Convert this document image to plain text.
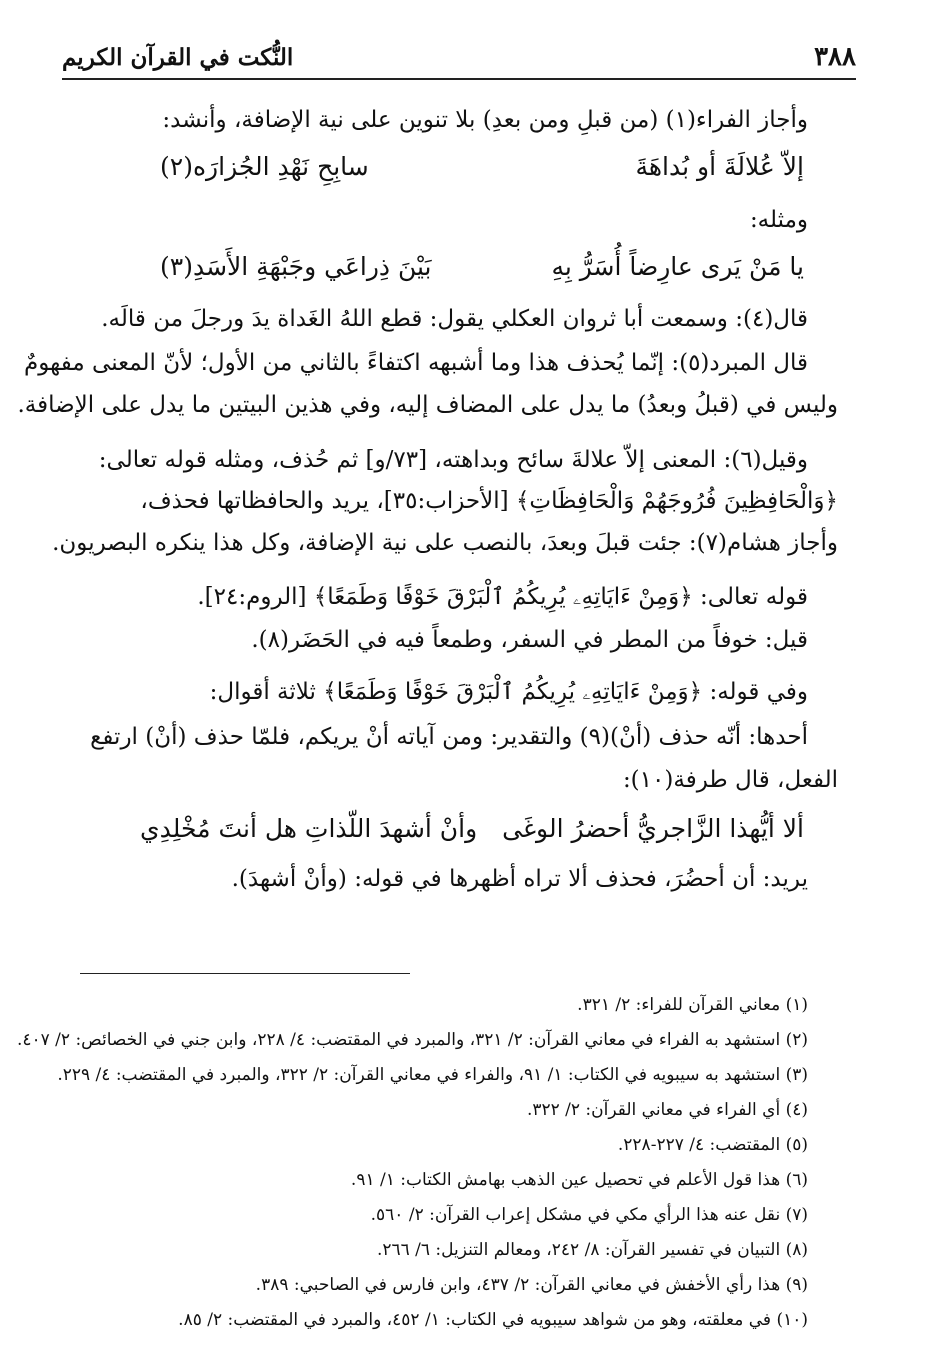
٣٨٨
النُّكت في القرآن الكريم
وأجاز الفراء(١) (من قبلِ ومن بعدِ) بلا تنوين على نية الإضافة، وأنشد:
إلاّ عُلالَةَ أو بُداهَةَ
سابِحِ نَهْدِ الجُزارَه(٢)
ومثله:
يا مَنْ يَرى عارِضاً أُسَرُّ بِهِ
بَيْنَ ذِراعَي وجَبْهَةِ الأَسَدِ(٣)
قال(٤): وسمعت أبا ثروان العكلي يقول: قطع اللهُ الغَداة يدَ ورجلَ من قالَه.
قال المبرد(٥): إنّما يُحذف هذا وما أشبهه اكتفاءً بالثاني من الأول؛ لأنّ المعنى مفهومٌ
وليس في (قبلُ وبعدُ) ما يدل على المضاف إليه، وفي هذين البيتين ما يدل على الإضافة.
وقيل(٦): المعنى إلاّ علالةَ سائح وبداهته، [٧٣/و] ثم حُذف، ومثله قوله تعالى:
﴿وَالْحَافِظِينَ فُرُوجَهُمْ وَالْحَافِظَاتِ﴾ [الأحزاب:٣٥]، يريد والحافظاتها فحذف،
وأجاز هشام(٧): جئت قبلَ وبعدَ، بالنصب على نية الإضافة، وكل هذا ينكره البصريون.
قوله تعالى: ﴿وَمِنْ ءَايَاتِهِۦ يُرِيكُمُ ٱلْبَرْقَ خَوْفًا وَطَمَعًا﴾ [الروم:٢٤].
قيل: خوفاً من المطر في السفر، وطمعاً فيه في الحَضَر(٨).
وفي قوله: ﴿وَمِنْ ءَايَاتِهِۦ يُرِيكُمُ ٱلْبَرْقَ خَوْفًا وَطَمَعًا﴾ ثلاثة أقوال:
أحدها: أنّه حذف (أنْ)(٩) والتقدير: ومن آياته أنْ يريكم، فلمّا حذف (أنْ) ارتفع
الفعل، قال طرفة(١٠):
ألا أيُّهذا الزَّاجريُّ أحضرُ الوغَى
وأنْ أشهدَ اللّذاتِ هل أنتَ مُخْلِدِي
يريد: أن أحضُرَ، فحذف ألا تراه أظهرها في قوله: (وأنْ أشهدَ).
(١) معاني القرآن للفراء: ٢/ ٣٢١.
(٢) استشهد به الفراء في معاني القرآن: ٢/ ٣٢١، والمبرد في المقتضب: ٤/ ٢٢٨، وابن جني في الخصائص: ٢/ ٤٠٧.
(٣) استشهد به سيبويه في الكتاب: ١/ ٩١، والفراء في معاني القرآن: ٢/ ٣٢٢، والمبرد في المقتضب: ٤/ ٢٢٩.
(٤) أي الفراء في معاني القرآن: ٢/ ٣٢٢.
(٥) المقتضب: ٤/ ٢٢٧-٢٢٨.
(٦) هذا قول الأعلم في تحصيل عين الذهب بهامش الكتاب: ١/ ٩١.
(٧) نقل عنه هذا الرأي مكي في مشكل إعراب القرآن: ٢/ ٥٦٠.
(٨) التبيان في تفسير القرآن: ٨/ ٢٤٢، ومعالم التنزيل: ٦/ ٢٦٦.
(٩) هذا رأي الأخفش في معاني القرآن: ٢/ ٤٣٧، وابن فارس في الصاحبي: ٣٨٩.
(١٠) في معلقته، وهو من شواهد سيبويه في الكتاب: ١/ ٤٥٢، والمبرد في المقتضب: ٢/ ٨٥.
